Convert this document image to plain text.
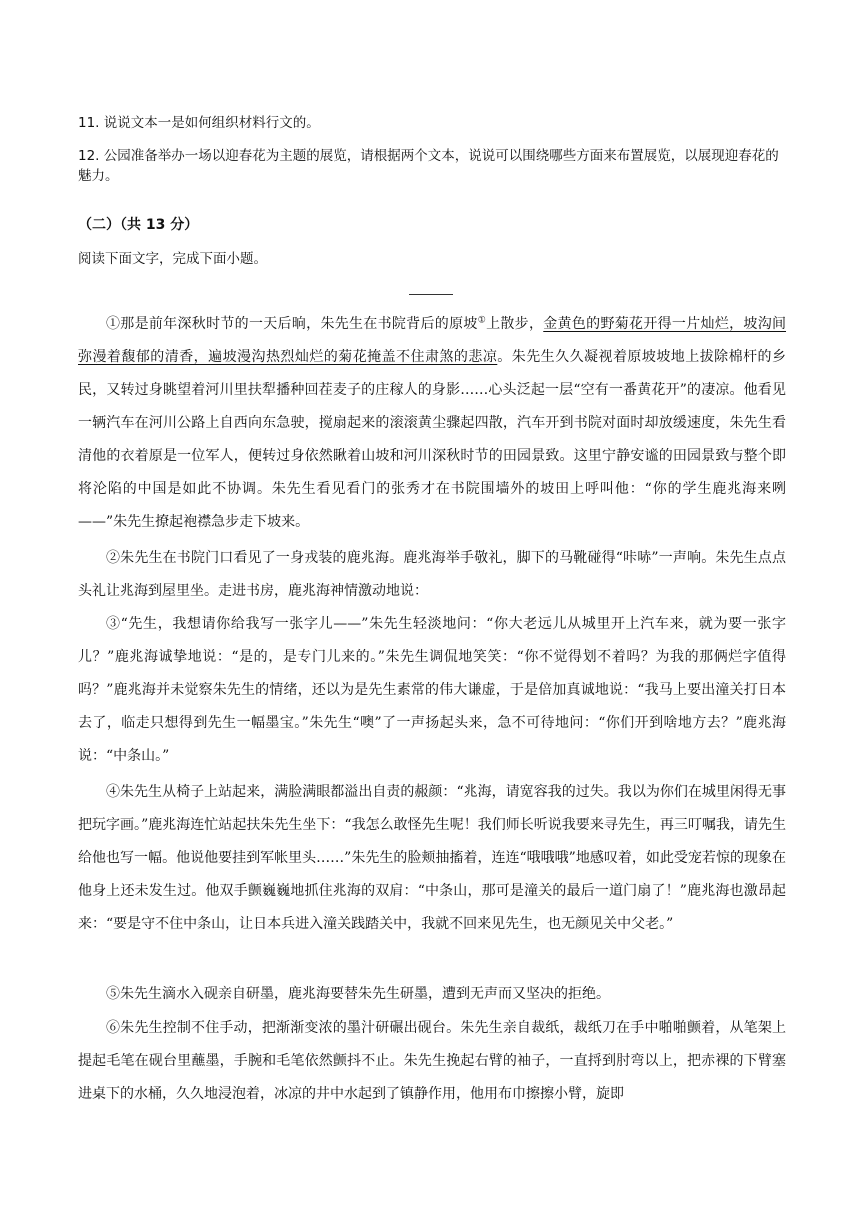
11. 说说文本一是如何组织材料行文的。
12. 公园准备举办一场以迎春花为主题的展览，请根据两个文本，说说可以围绕哪些方面来布置展览，以展现迎春花的魅力。
（二）（共 13 分）
阅读下面文字，完成下面小题。

①那是前年深秋时节的一天后晌，朱先生在书院背后的原坡①上散步，金黄色的野菊花开得一片灿烂，坡沟间弥漫着馥郁的清香，遍坡漫沟热烈灿烂的菊花掩盖不住肃煞的悲凉。朱先生久久凝视着原坡坡地上拔除棉杆的乡民，又转过身眺望着河川里扶犁播种回茬麦子的庄稼人的身影……心头泛起一层“空有一番黄花开”的凄凉。他看见一辆汽车在河川公路上自西向东急驶，搅扇起来的滚滚黄尘骤起四散，汽车开到书院对面时却放缓速度，朱先生看清他的衣着原是一位军人，便转过身依然瞅着山坡和河川深秋时节的田园景致。这里宁静安谧的田园景致与整个即将沦陷的中国是如此不协调。朱先生看见看门的张秀才在书院围墙外的坡田上呼叫他：“你的学生鹿兆海来咧——”朱先生撩起袍襟急步走下坡来。

②朱先生在书院门口看见了一身戎装的鹿兆海。鹿兆海举手敬礼，脚下的马靴碰得“咔哧”一声响。朱先生点点头礼让兆海到屋里坐。走进书房，鹿兆海神情激动地说：

③“先生，我想请你给我写一张字儿——”朱先生轻淡地问：“你大老远儿从城里开上汽车来，就为要一张字儿？”鹿兆海诚挚地说：“是的，是专门儿来的。”朱先生调侃地笑笑：“你不觉得划不着吗？为我的那俩烂字值得吗？”鹿兆海并未觉察朱先生的情绪，还以为是先生素常的伟大谦虚，于是倍加真诚地说：“我马上要出潼关打日本去了，临走只想得到先生一幅墨宝。”朱先生“噢”了一声扬起头来，急不可待地问：“你们开到啥地方去？”鹿兆海说：“中条山。”

④朱先生从椅子上站起来，满脸满眼都溢出自责的赧颜：“兆海，请宽容我的过失。我以为你们在城里闲得无事把玩字画。”鹿兆海连忙站起扶朱先生坐下：“我怎么敢怪先生呢！我们师长听说我要来寻先生，再三叮嘱我，请先生给他也写一幅。他说他要挂到军帐里头……”朱先生的脸颊抽搐着，连连“哦哦哦”地感叹着，如此受宠若惊的现象在他身上还未发生过。他双手颤巍巍地抓住兆海的双肩：“中条山，那可是潼关的最后一道门扇了！”鹿兆海也激昂起来：“要是守不住中条山，让日本兵进入潼关践踏关中，我就不回来见先生，也无颜见关中父老。”

⑤朱先生滴水入砚亲自研墨，鹿兆海要替朱先生研墨，遭到无声而又坚决的拒绝。

⑥朱先生控制不住手动，把渐渐变浓的墨汁研碾出砚台。朱先生亲自裁纸，裁纸刀在手中啪啪颤着，从笔架上提起毛笔在砚台里蘸墨，手腕和毛笔依然颤抖不止。朱先生挽起右臂的袖子，一直捋到肘弯以上，把赤裸的下臂塞进桌下的水桶，久久地浸泡着，冰凉的井中水起到了镇静作用，他用布巾擦擦小臂，旋即
